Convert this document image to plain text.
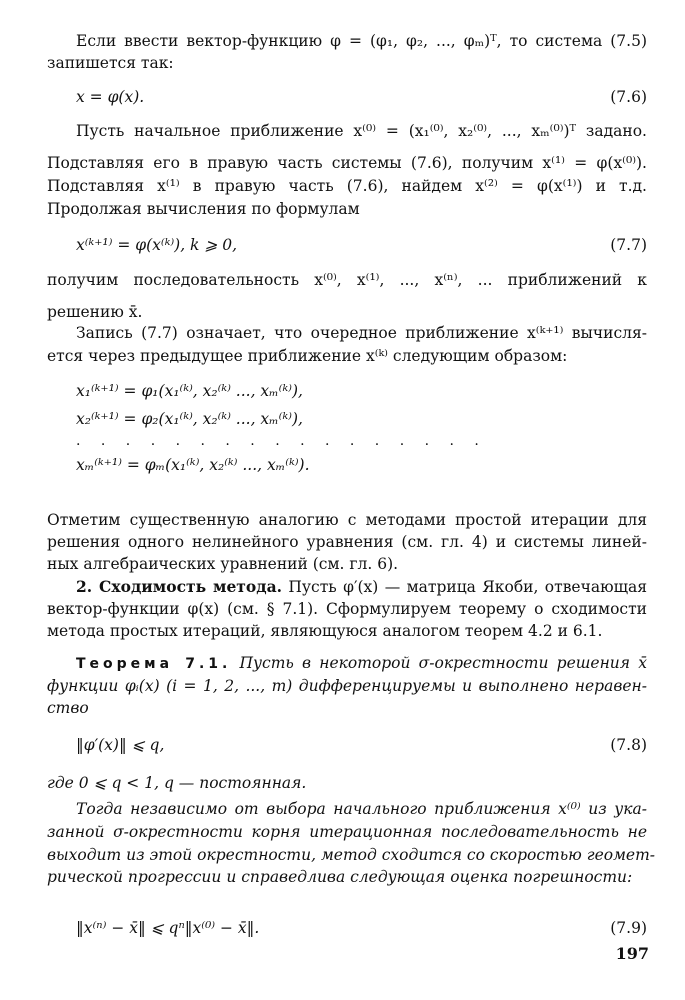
Если ввести вектор-функцию φ = (φ₁, φ₂, ..., φₘ)ᵀ, то система (7.5)
запишется так:
x = φ(x).	(7.6)
Пусть начальное приближение x⁽⁰⁾ = (x₁⁽⁰⁾, x₂⁽⁰⁾, ..., xₘ⁽⁰⁾)ᵀ задано.
Подставляя его в правую часть системы (7.6), получим x⁽¹⁾ = φ(x⁽⁰⁾).
Подставляя x⁽¹⁾ в правую часть (7.6), найдем x⁽²⁾ = φ(x⁽¹⁾) и т.д.
Продолжая вычисления по формулам
x⁽ᵏ⁺¹⁾ = φ(x⁽ᵏ⁾), k ⩾ 0,	(7.7)
получим последовательность x⁽⁰⁾, x⁽¹⁾, ..., x⁽ⁿ⁾, ... приближений к
решению x̄.
Запись (7.7) означает, что очередное приближение x⁽ᵏ⁺¹⁾ вычисля-
ется через предыдущее приближение x⁽ᵏ⁾ следующим образом:
x₁⁽ᵏ⁺¹⁾ = φ₁(x₁⁽ᵏ⁾, x₂⁽ᵏ⁾ ..., xₘ⁽ᵏ⁾),
x₂⁽ᵏ⁺¹⁾ = φ₂(x₁⁽ᵏ⁾, x₂⁽ᵏ⁾ ..., xₘ⁽ᵏ⁾),
. . . . . . . . . . . . . . . . .
xₘ⁽ᵏ⁺¹⁾ = φₘ(x₁⁽ᵏ⁾, x₂⁽ᵏ⁾ ..., xₘ⁽ᵏ⁾).
Отметим существенную аналогию с методами простой итерации для
решения одного нелинейного уравнения (см. гл. 4) и системы линей-
ных алгебраических уравнений (см. гл. 6).
2. Сходимость метода. Пусть φ′(x) — матрица Якоби, отвечающая
вектор-функции φ(x) (см. § 7.1). Сформулируем теорему о сходимости
метода простых итераций, являющуюся аналогом теорем 4.2 и 6.1.
Теорема 7.1. Пусть в некоторой σ-окрестности решения x̄
функции φᵢ(x) (i = 1, 2, ..., m) дифференцируемы и выполнено неравен-
ство
‖φ′(x)‖ ⩽ q,	(7.8)
где 0 ⩽ q < 1, q — постоянная.
Тогда независимо от выбора начального приближения x⁽⁰⁾ из ука-
занной σ-окрестности корня итерационная последовательность не
выходит из этой окрестности, метод сходится со скоростью геомет-
рической прогрессии и справедлива следующая оценка погрешности:
‖x⁽ⁿ⁾ − x̄‖ ⩽ qⁿ‖x⁽⁰⁾ − x̄‖.	(7.9)
197
